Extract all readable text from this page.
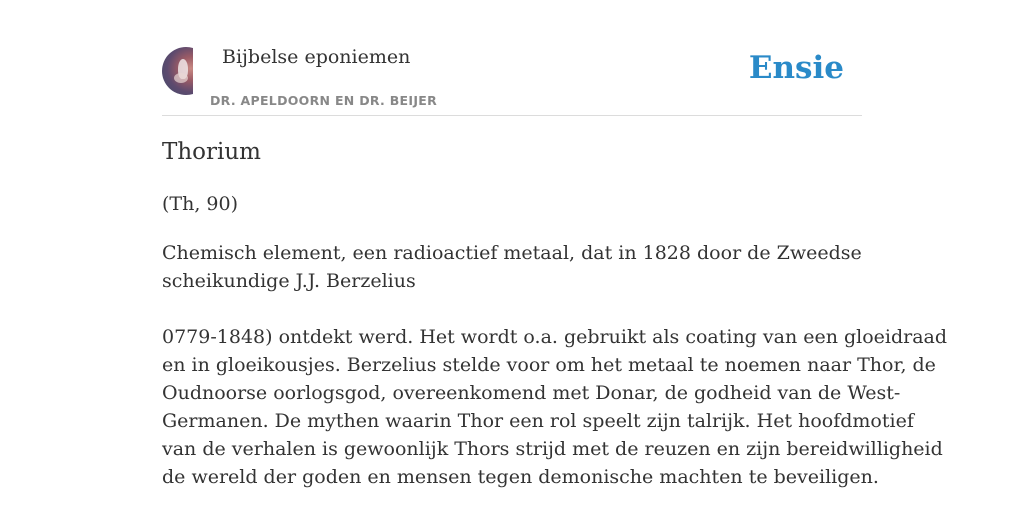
Bijbelse eponiemen
DR. APELDOORN EN DR. BEIJER
Ensie
Thorium
(Th, 90)
Chemisch element, een radioactief metaal, dat in 1828 door de Zweedse
scheikundige J.J. Berzelius
0779-1848) ontdekt werd. Het wordt o.a. gebruikt als coating van een gloeidraad
en in gloeikousjes. Berzelius stelde voor om het metaal te noemen naar Thor, de
Oudnoorse oorlogsgod, overeenkomend met Donar, de godheid van de West-
Germanen. De mythen waarin Thor een rol speelt zijn talrijk. Het hoofdmotief
van de verhalen is gewoonlijk Thors strijd met de reuzen en zijn bereidwilligheid
de wereld der goden en mensen tegen demonische machten te beveiligen.
